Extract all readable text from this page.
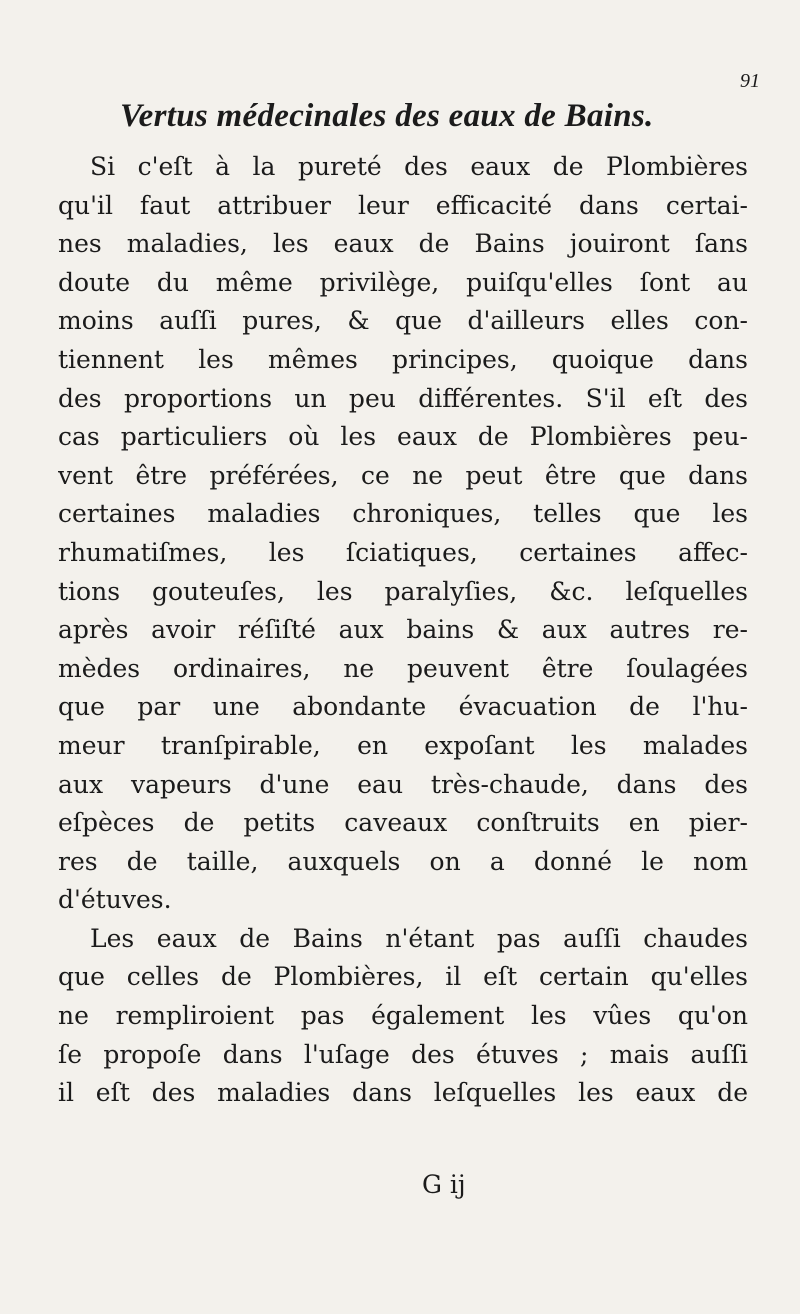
91
Vertus médecinales des eaux de Bains.
Si c'eſt à la pureté des eaux de Plombières
qu'il faut attribuer leur efficacité dans certai-
nes maladies, les eaux de Bains jouiront ſans
doute du même privilège, puiſqu'elles ſont au
moins auſſi pures, & que d'ailleurs elles con-
tiennent les mêmes principes, quoique dans
des proportions un peu différentes. S'il eſt des
cas particuliers où les eaux de Plombières peu-
vent être préférées, ce ne peut être que dans
certaines maladies chroniques, telles que les
rhumatiſmes, les ſciatiques, certaines affec-
tions gouteuſes, les paralyſies, &c. leſquelles
après avoir réſiſté aux bains & aux autres re-
mèdes ordinaires, ne peuvent être ſoulagées
que par une abondante évacuation de l'hu-
meur tranſpirable, en expoſant les malades
aux vapeurs d'une eau très-chaude, dans des
eſpèces de petits caveaux conſtruits en pier-
res de taille, auxquels on a donné le nom
d'étuves.
Les eaux de Bains n'étant pas auſſi chaudes
que celles de Plombières, il eſt certain qu'elles
ne rempliroient pas également les vûes qu'on
ſe propoſe dans l'uſage des étuves ; mais auſſi
il eſt des maladies dans leſquelles les eaux de
G ij
